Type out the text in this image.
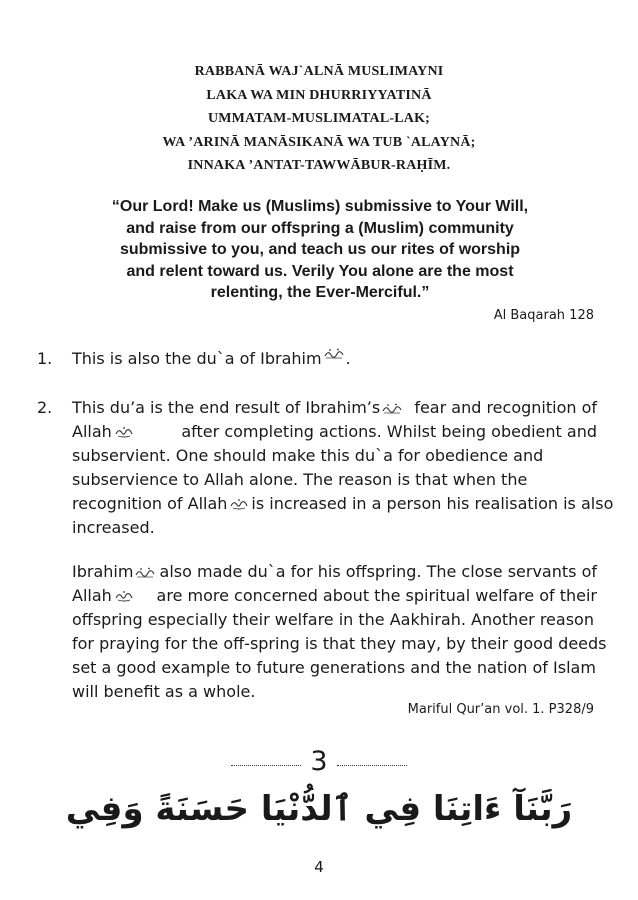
RABBANĀ WAJ`ALNĀ MUSLIMAYNI
LAKA WA MIN DHURRIYYATINĀ
UMMATAM-MUSLIMATAL-LAK;
WA ’ARINĀ MANĀSIKANĀ WA TUB `ALAYNĀ;
INNAKA ’ANTAT-TAWWĀBUR-RAḤĪM.
“Our Lord! Make us (Muslims) submissive to Your Will,
and raise from our offspring a (Muslim) community
submissive to you, and teach us our rites of worship
and relent toward us. Verily You alone are the most
relenting, the Ever-Merciful.”
Al Baqarah 128
1. This is also the du`a of Ibrahim .
2. This du’a is the end result of Ibrahim’s	fear and recognition of
Allah	after completing actions. Whilst being obedient and
subservient. One should make this du`a for obedience and
subservience to Allah alone. The reason is that when the
recognition of Allah	is increased in a person his realisation is also
increased.
Ibrahim	also made du`a for his offspring. The close servants of
Allah	are more concerned about the spiritual welfare of their
offspring especially their welfare in the Aakhirah. Another reason
for praying for the off-spring is that they may, by their good deeds
set a good example to future generations and the nation of Islam
will benefit as a whole.
Mariful Qur’an vol. 1. P328/9
3
رَبَّنَآ ءَاتِنَا فِي ٱلدُّنْيَا حَسَنَةً وَفِي
4
